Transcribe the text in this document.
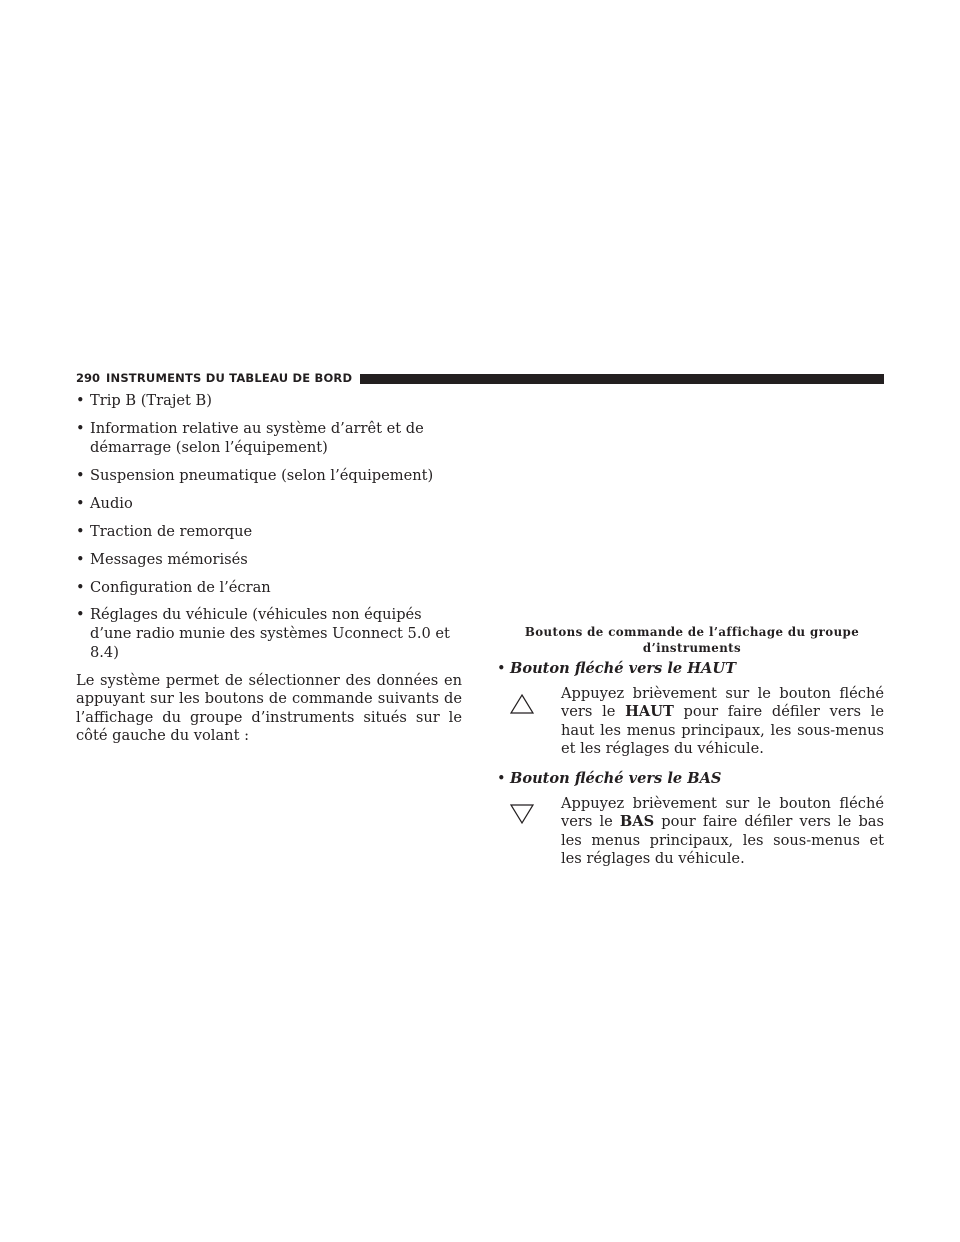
290 INSTRUMENTS DU TABLEAU DE BORD
• Trip B (Trajet B)
• Information relative au système d’arrêt et de démarrage (selon l’équipement)
• Suspension pneumatique (selon l’équipement)
• Audio
• Traction de remorque
• Messages mémorisés
• Configuration de l’écran
• Réglages du véhicule (véhicules non équipés d’une radio munie des systèmes Uconnect 5.0 et 8.4)

Le système permet de sélectionner des données en appuyant sur les boutons de commande suivants de l’affichage du groupe d’instruments situés sur le côté gauche du volant :

Boutons de commande de l’affichage du groupe d’instruments
• Bouton fléché vers le HAUT
Appuyez brièvement sur le bouton fléché vers le HAUT pour faire défiler vers le haut les menus principaux, les sous-menus et les réglages du véhicule.
• Bouton fléché vers le BAS
Appuyez brièvement sur le bouton fléché vers le BAS pour faire défiler vers le bas les menus principaux, les sous-menus et les réglages du véhicule.
